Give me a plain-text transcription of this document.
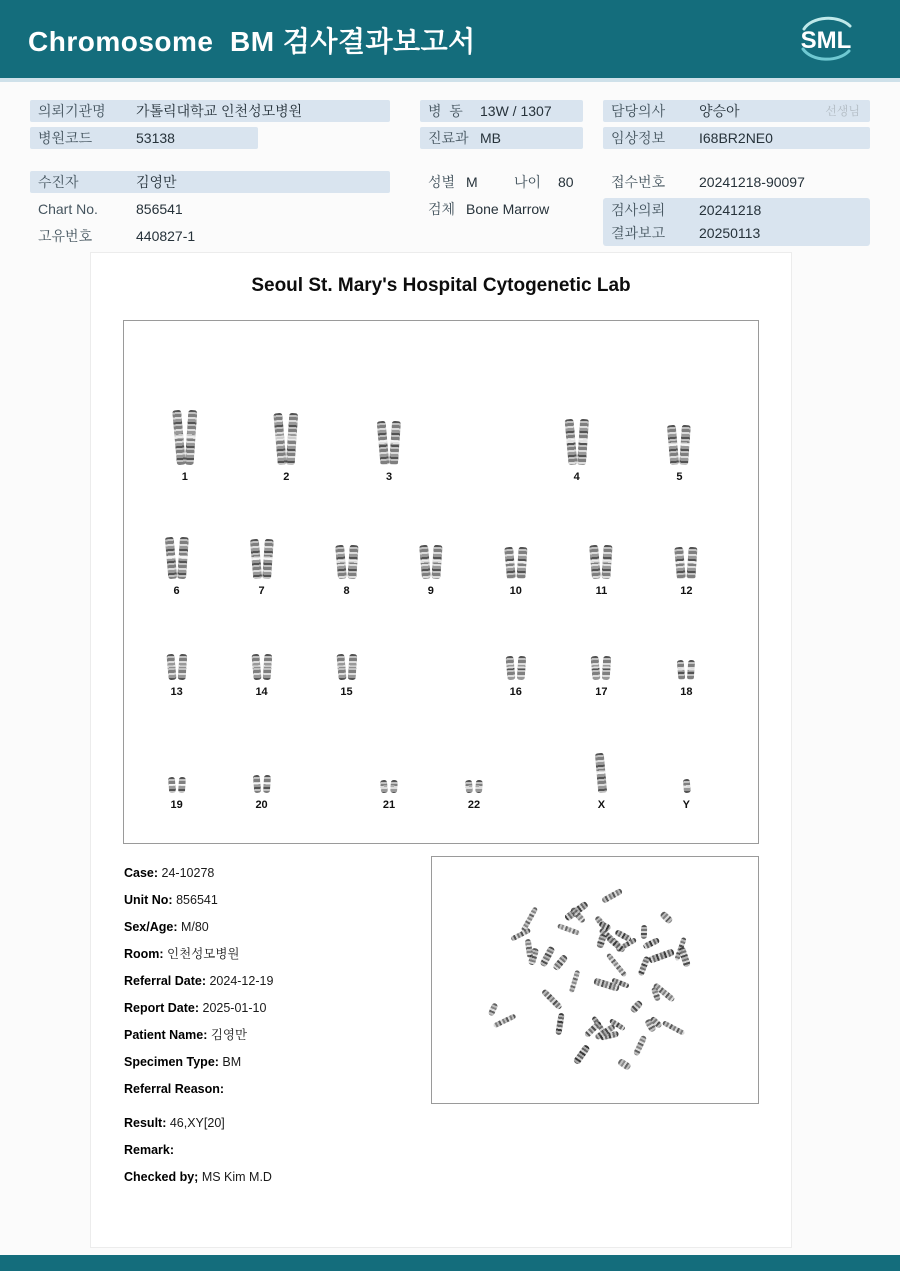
Chromosome  BM 검사결과보고서	SML
의뢰기관명	가톨릭대학교 인천성모병원
병원코드	53138
수진자	김영만
Chart No.	856541
고유번호	440827-1
병  동	13W / 1307
진료과 MB
성별 M	나이	80
검체 Bone Marrow
담당의사	양승아	선생님
임상정보	I68BR2NE0
접수번호	20241218-90097
검사의뢰	20241218
결과보고	20250113
Seoul St. Mary's Hospital Cytogenetic Lab
1	2	3	4	5
6	7	8	9	10	11	12
13	14	15	16	17	18
19	20	21	22	X	Y
Case: 24-10278
Unit No: 856541
Sex/Age: M/80
Room: 인천성모병원
Referral Date: 2024-12-19
Report Date: 2025-01-10
Patient Name: 김영만
Specimen Type: BM
Referral Reason:
Result: 46,XY[20]
Remark:
Checked by; MS Kim M.D
